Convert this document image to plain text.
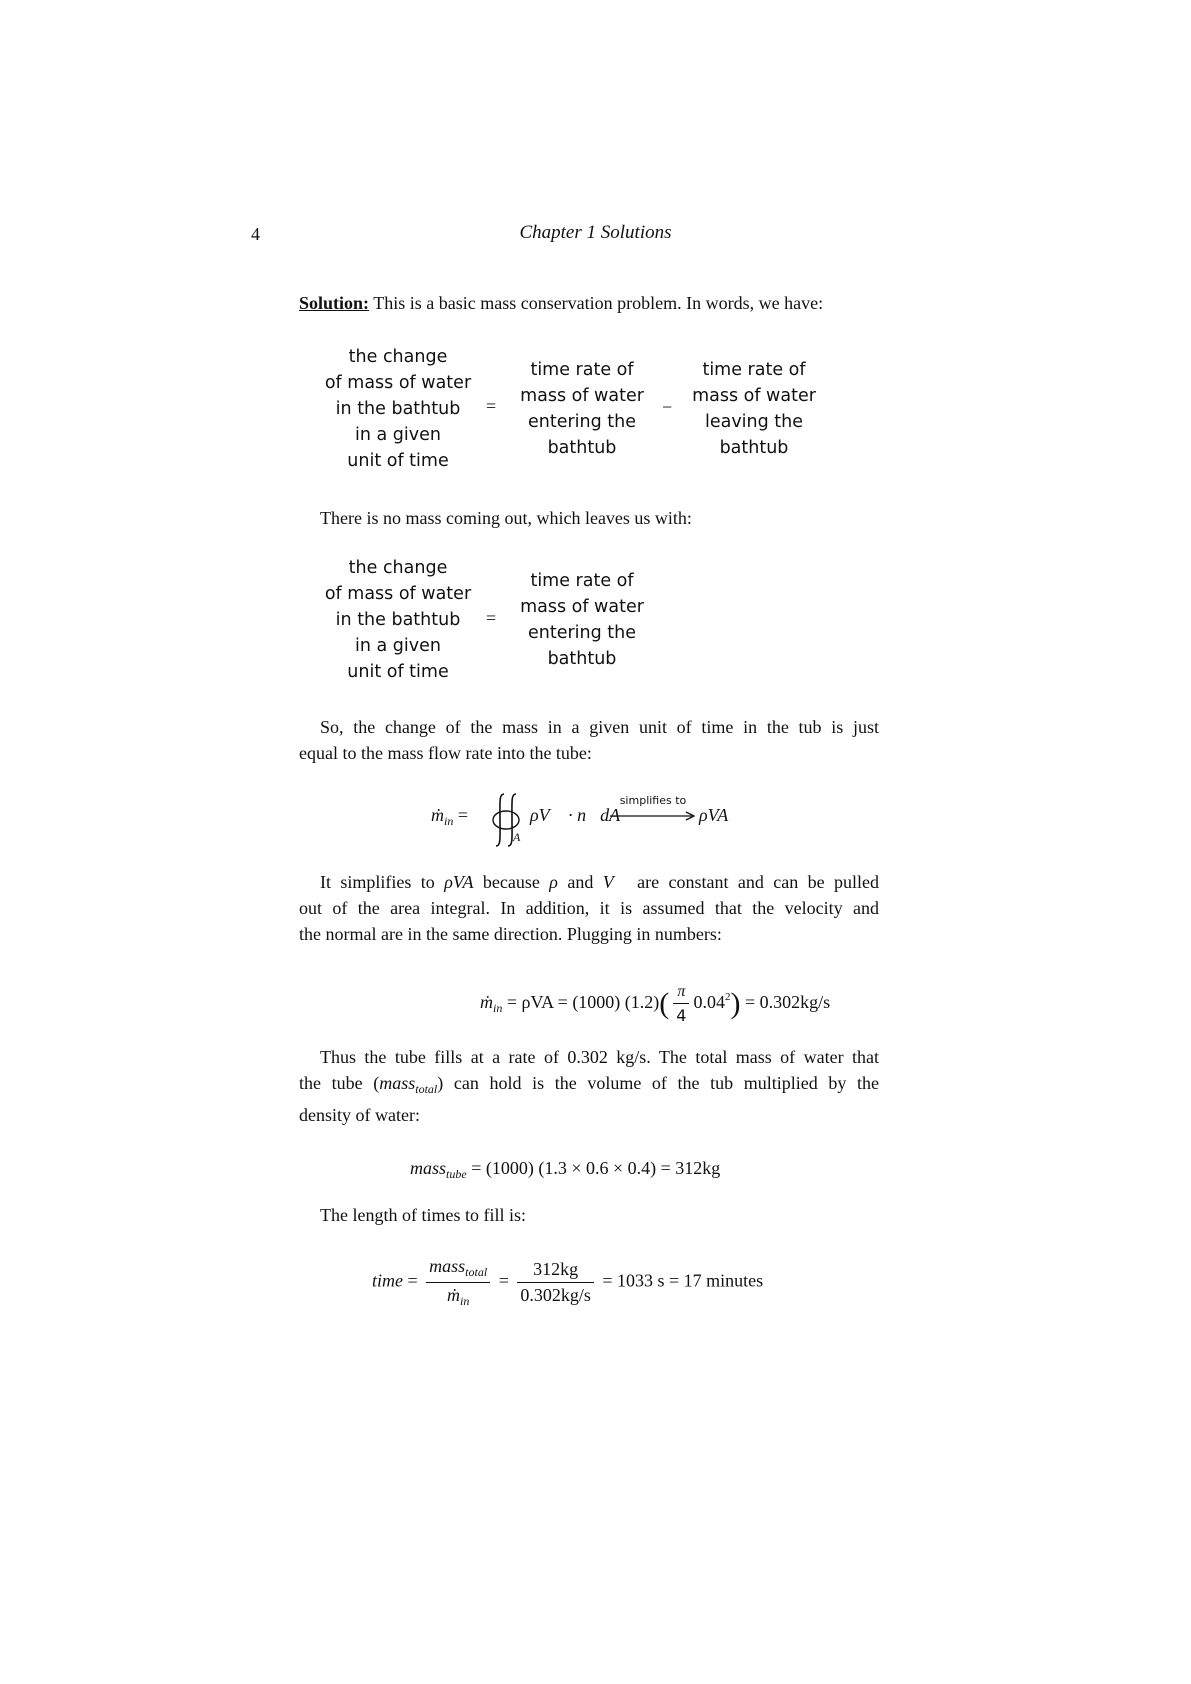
4	Chapter 1 Solutions
Solution: This is a basic mass conservation problem. In words, we have:
the change
of mass of water
in the bathtub
in a given
unit of time
=
time rate of
mass of water
entering the
bathtub
−
time rate of
mass of water
leaving the
bathtub
There is no mass coming out, which leaves us with:
the change
of mass of water
in the bathtub
in a given
unit of time
=
time rate of
mass of water
entering the
bathtub
So, the change of the mass in a given unit of time in the tub is just
equal to the mass flow rate into the tube:
$ṁ_{in}$ =
A
ρV⃗ · n⃗dA
simplifies to
ρVA
It simplifies to ρVA because ρ and V⃗ are constant and can be pulled
out of the area integral. In addition, it is assumed that the velocity and
the normal are in the same direction. Plugging in numbers:
$ṁ_{in} = \rho VA = (1000)$ $(1.2)( \frac{\pi}{4} 0.04^2) = 0.302kg/s$
Thus the tube fills at a rate of 0.302 kg/s. The total mass of water that
the tube (mass$_{total}$) can hold is the volume of the tub multiplied by the
density of water:
mass$_{tube}$ = (1000) (1.3 × 0.6 × 0.4) = 312kg
The length of times to fill is:
time = $\frac{mass_{total}}{ṁ_{in}} = \frac{312kg}{0.302kg/s} = 1033$ s = 17 minutes
